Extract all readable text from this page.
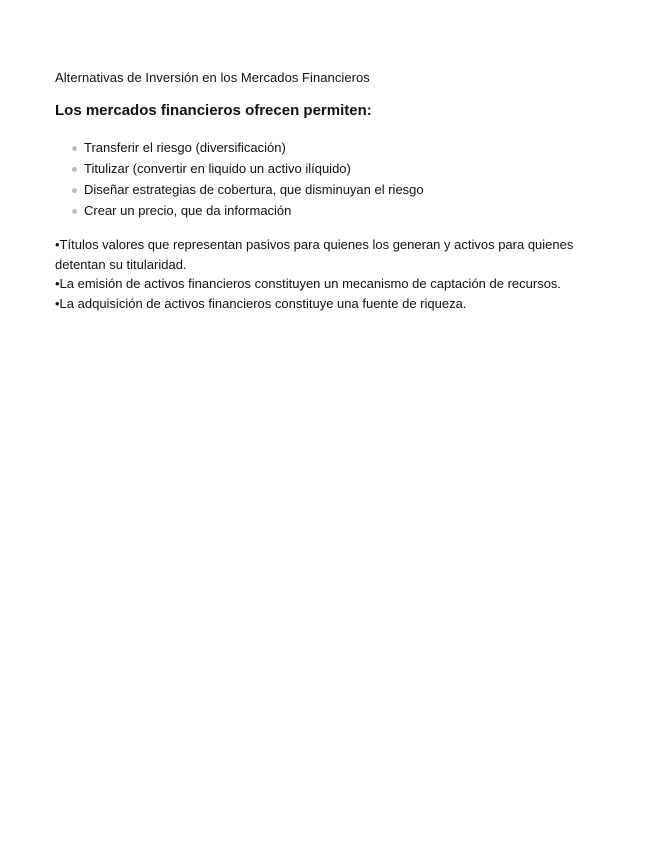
Alternativas de Inversión en los Mercados Financieros
Los mercados financieros ofrecen permiten:
Transferir el riesgo (diversificación)
Titulizar (convertir en liquido un activo ilíquido)
Diseñar estrategias de cobertura, que disminuyan el riesgo
Crear un precio, que da información

•Títulos valores que representan pasivos para quienes los generan y activos para quienes detentan su titularidad.

•La emisión de activos financieros constituyen un mecanismo de captación de recursos.

•La adquisición de activos financieros constituye una fuente de riqueza.
